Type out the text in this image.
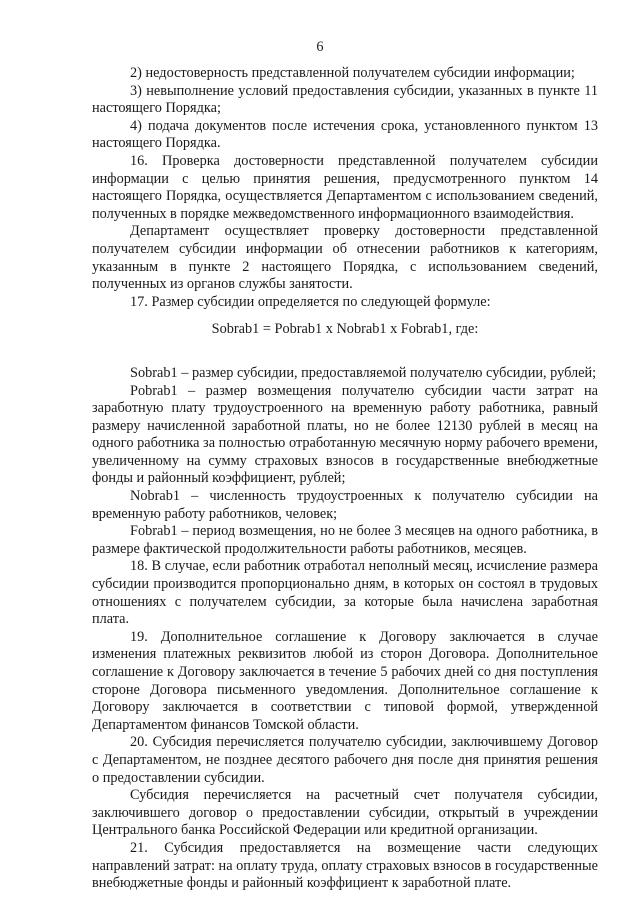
6

2) недостоверность представленной получателем субсидии информации;

3) невыполнение условий предоставления субсидии, указанных в пункте 11 настоящего Порядка;

4) подача документов после истечения срока, установленного пунктом 13 настоящего Порядка.

16. Проверка достоверности представленной получателем субсидии информации с целью принятия решения, предусмотренного пунктом 14 настоящего Порядка, осуществляется Департаментом с использованием сведений, полученных в порядке межведомственного информационного взаимодействия.

Департамент осуществляет проверку достоверности представленной получателем субсидии информации об отнесении работников к категориям, указанным в пункте 2 настоящего Порядка, с использованием сведений, полученных из органов службы занятости.

17. Размер субсидии определяется по следующей формуле:

Sobrab1 = Pobrab1 x Nobrab1 x Fobrab1, где:

Sobrab1 – размер субсидии, предоставляемой получателю субсидии, рублей;

Pobrab1 – размер возмещения получателю субсидии части затрат на заработную плату трудоустроенного на временную работу работника, равный размеру начисленной заработной платы, но не более 12130 рублей в месяц на одного работника за полностью отработанную месячную норму рабочего времени, увеличенному на сумму страховых взносов в государственные внебюджетные фонды и районный коэффициент, рублей;

Nobrab1 – численность трудоустроенных к получателю субсидии на временную работу работников, человек;

Fobrab1 – период возмещения, но не более 3 месяцев на одного работника, в размере фактической продолжительности работы работников, месяцев.

18. В случае, если работник отработал неполный месяц, исчисление размера субсидии производится пропорционально дням, в которых он состоял в трудовых отношениях с получателем субсидии, за которые была начислена заработная плата.

19. Дополнительное соглашение к Договору заключается в случае изменения платежных реквизитов любой из сторон Договора. Дополнительное соглашение к Договору заключается в течение 5 рабочих дней со дня поступления стороне Договора письменного уведомления. Дополнительное соглашение к Договору заключается в соответствии с типовой формой, утвержденной Департаментом финансов Томской области.

20. Субсидия перечисляется получателю субсидии, заключившему Договор с Департаментом, не позднее десятого рабочего дня после дня принятия решения о предоставлении субсидии.

Субсидия перечисляется на расчетный счет получателя субсидии, заключившего договор о предоставлении субсидии, открытый в учреждении Центрального банка Российской Федерации или кредитной организации.

21. Субсидия предоставляется на возмещение части следующих направлений затрат: на оплату труда, оплату страховых взносов в государственные внебюджетные фонды и районный коэффициент к заработной плате.
